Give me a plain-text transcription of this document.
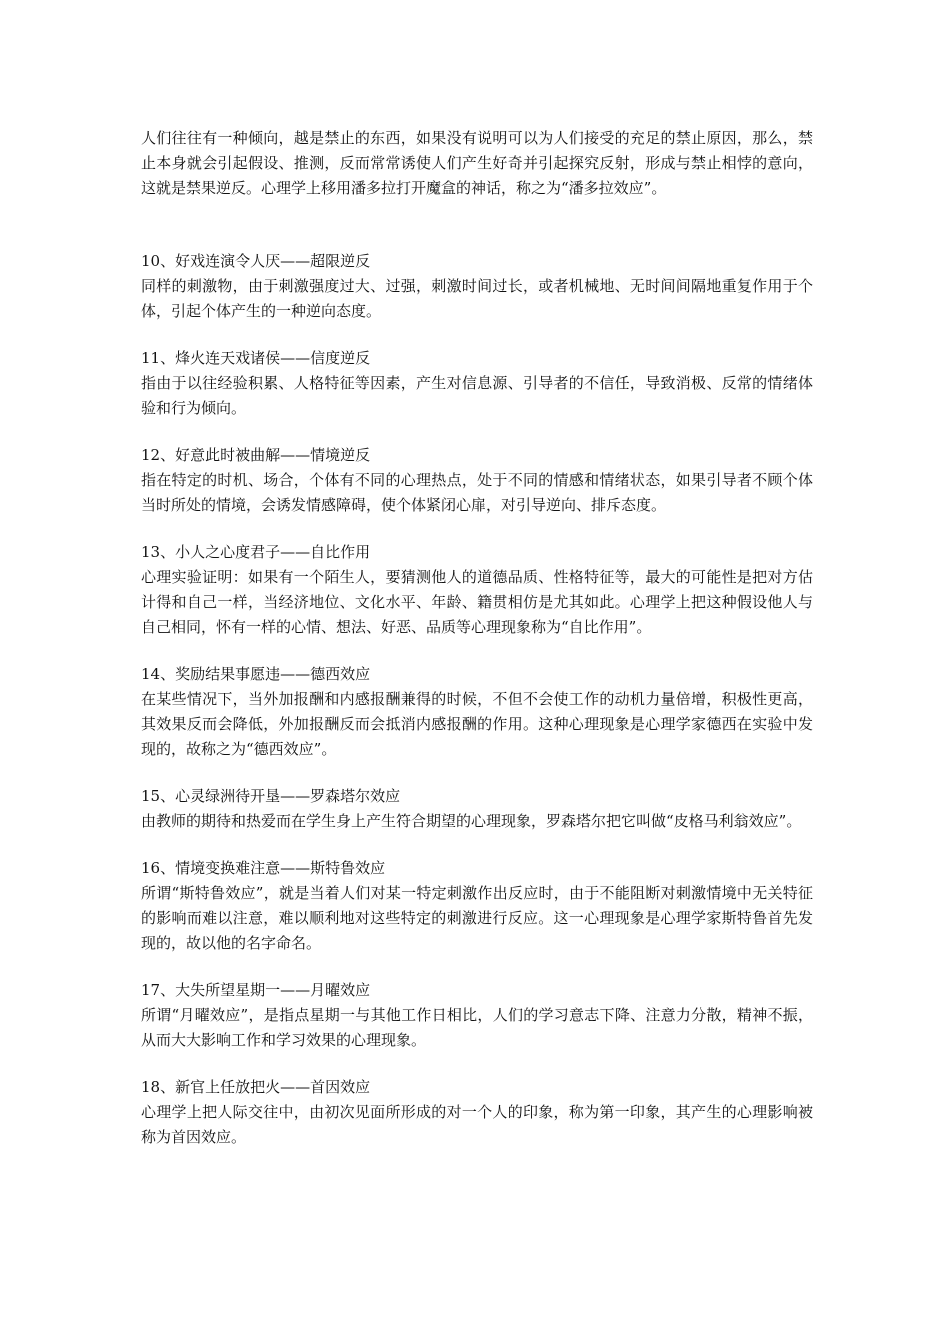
人们往往有一种倾向，越是禁止的东西，如果没有说明可以为人们接受的充足的禁止原因，那么，禁止本身就会引起假设、推测，反而常常诱使人们产生好奇并引起探究反射，形成与禁止相悖的意向，这就是禁果逆反。心理学上移用潘多拉打开魔盒的神话，称之为“潘多拉效应”。

10、好戏连演令人厌——超限逆反

同样的刺激物，由于刺激强度过大、过强，刺激时间过长，或者机械地、无时间间隔地重复作用于个体，引起个体产生的一种逆向态度。

11、烽火连天戏诸侯——信度逆反

指由于以往经验积累、人格特征等因素，产生对信息源、引导者的不信任，导致消极、反常的情绪体验和行为倾向。

12、好意此时被曲解——情境逆反

指在特定的时机、场合，个体有不同的心理热点，处于不同的情感和情绪状态，如果引导者不顾个体当时所处的情境，会诱发情感障碍，使个体紧闭心扉，对引导逆向、排斥态度。

13、小人之心度君子——自比作用

心理实验证明：如果有一个陌生人，要猜测他人的道德品质、性格特征等，最大的可能性是把对方估计得和自己一样，当经济地位、文化水平、年龄、籍贯相仿是尤其如此。心理学上把这种假设他人与自己相同，怀有一样的心情、想法、好恶、品质等心理现象称为“自比作用”。

14、奖励结果事愿违——德西效应

在某些情况下，当外加报酬和内感报酬兼得的时候，不但不会使工作的动机力量倍增，积极性更高，其效果反而会降低，外加报酬反而会抵消内感报酬的作用。这种心理现象是心理学家德西在实验中发现的，故称之为“德西效应”。

15、心灵绿洲待开垦——罗森塔尔效应

由教师的期待和热爱而在学生身上产生符合期望的心理现象，罗森塔尔把它叫做“皮格马利翁效应”。

16、情境变换难注意——斯特鲁效应

所谓“斯特鲁效应”，就是当着人们对某一特定刺激作出反应时，由于不能阻断对刺激情境中无关特征的影响而难以注意，难以顺利地对这些特定的刺激进行反应。这一心理现象是心理学家斯特鲁首先发现的，故以他的名字命名。

17、大失所望星期一——月曜效应

所谓“月曜效应”，是指点星期一与其他工作日相比，人们的学习意志下降、注意力分散，精神不振，从而大大影响工作和学习效果的心理现象。

18、新官上任放把火——首因效应

心理学上把人际交往中，由初次见面所形成的对一个人的印象，称为第一印象，其产生的心理影响被称为首因效应。
